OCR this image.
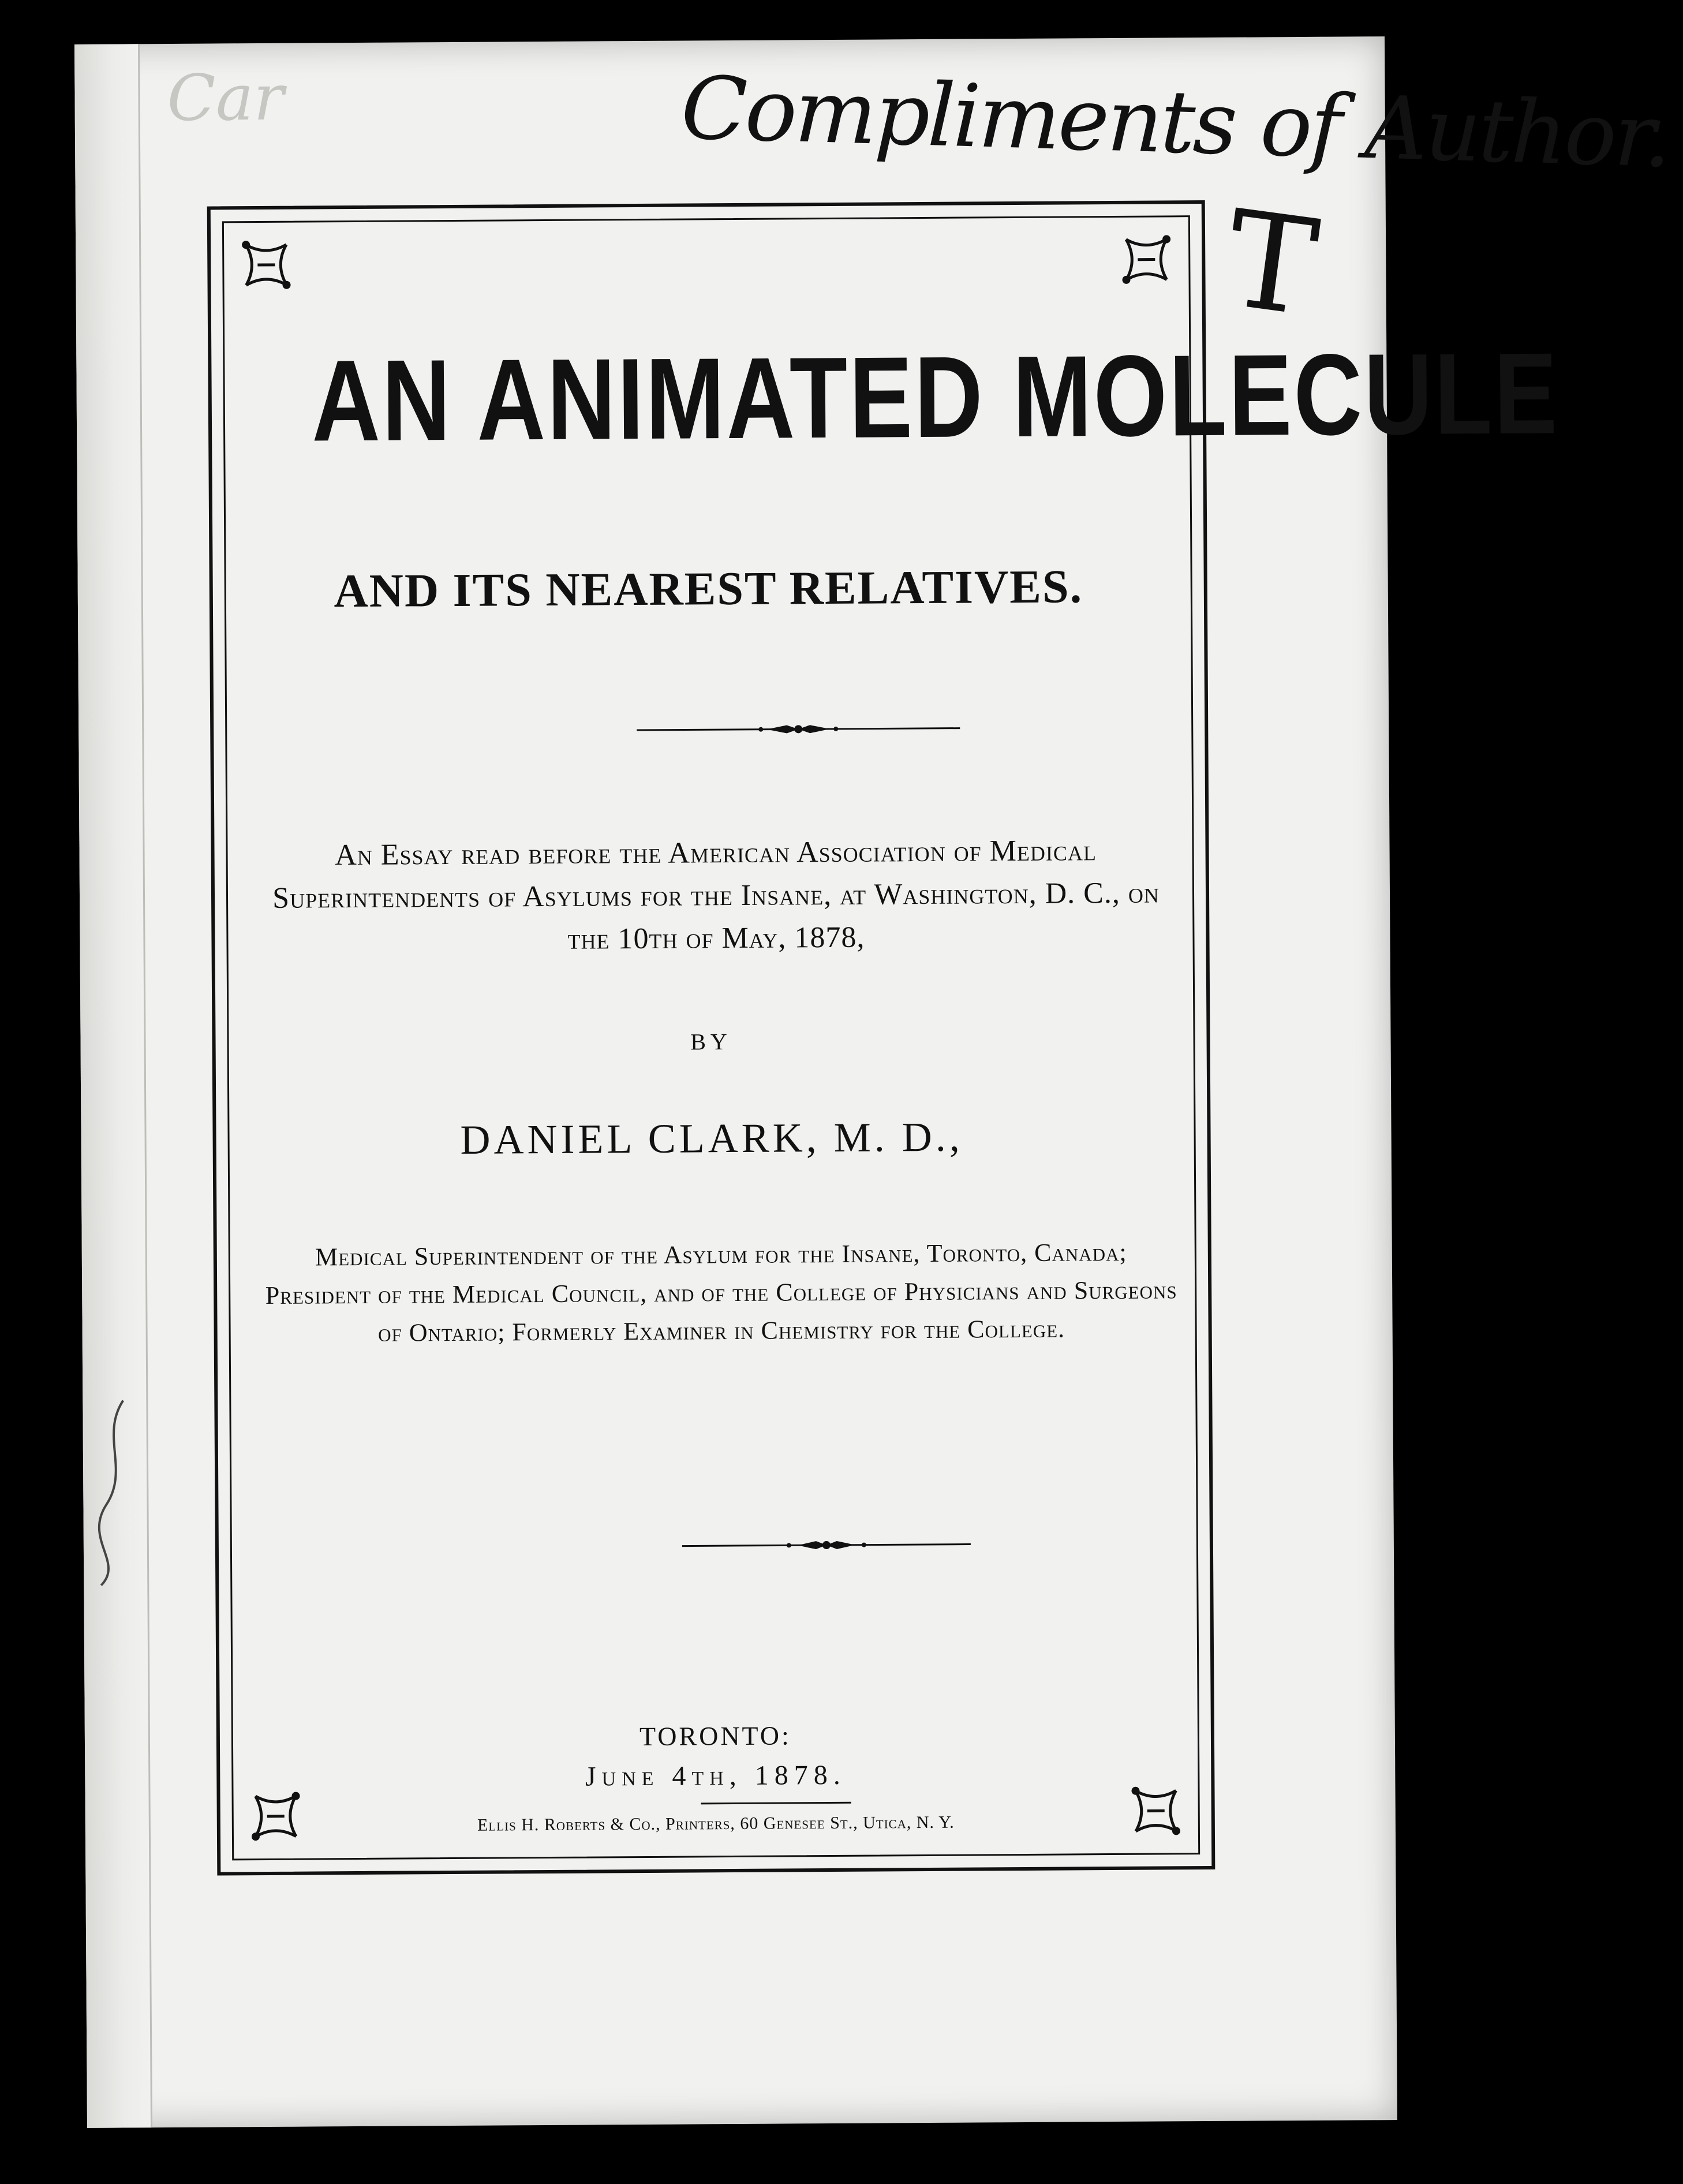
Car	Compliments of Author.
T
AN ANIMATED MOLECULE
AND ITS NEAREST RELATIVES.
An Essay read before the American Association of Medical Superintendents of Asylums for the Insane, at Washington, D. C., on the 10th of May, 1878,
BY
DANIEL CLARK, M. D.,
Medical Superintendent of the Asylum for the Insane, Toronto, Canada; President of the Medical Council, and of the College of Physicians and Surgeons of Ontario; Formerly Examiner in Chemistry for the College.
TORONTO:
June 4th, 1878.
Ellis H. Roberts & Co., Printers, 60 Genesee St., Utica, N. Y.
